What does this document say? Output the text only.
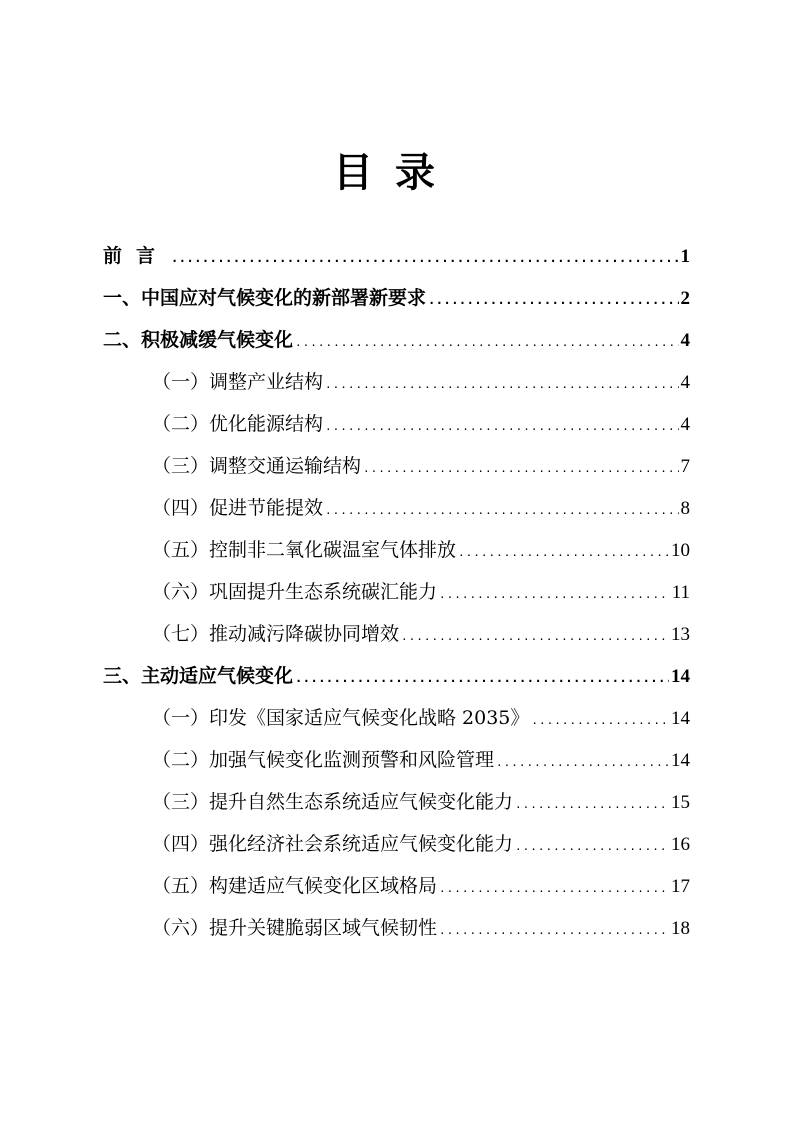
目录
前言 .....	1
一、中国应对气候变化的新部署新要求 .....	2
二、积极减缓气候变化 .....	4
（一）调整产业结构 .....	4
（二）优化能源结构 .....	4
（三）调整交通运输结构 .....	7
（四）促进节能提效 .....	8
（五）控制非二氧化碳温室气体排放 .....	10
（六）巩固提升生态系统碳汇能力 .....	11
（七）推动减污降碳协同增效 .....	13
三、主动适应气候变化 .....	14
（一）印发《国家适应气候变化战略 2035》 .....	14
（二）加强气候变化监测预警和风险管理 .....	14
（三）提升自然生态系统适应气候变化能力 .....	15
（四）强化经济社会系统适应气候变化能力 .....	16
（五）构建适应气候变化区域格局 .....	17
（六）提升关键脆弱区域气候韧性 .....	18
